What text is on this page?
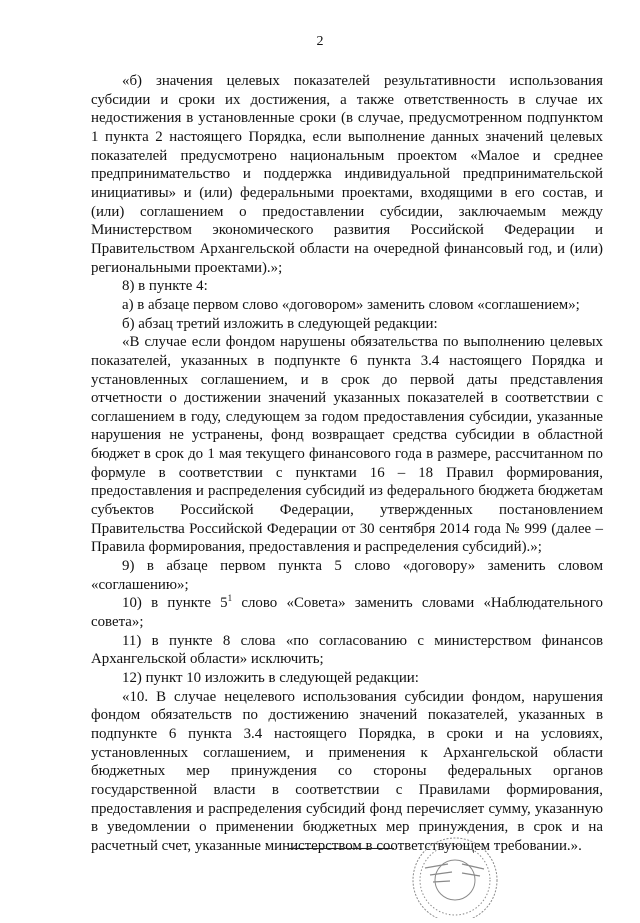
2

«б) значения целевых показателей результативности использования субсидии и сроки их достижения, а также ответственность в случае их недостижения в установленные сроки (в случае, предусмотренном подпунктом 1 пункта 2 настоящего Порядка, если выполнение данных значений целевых показателей предусмотрено национальным проектом «Малое и среднее предпринимательство и поддержка индивидуальной предпринимательской инициативы» и (или) федеральными проектами, входящими в его состав, и (или) соглашением о предоставлении субсидии, заключаемым между Министерством экономического развития Российской Федерации и Правительством Архангельской области на очередной финансовый год, и (или) региональными проектами).»;

8) в пункте 4:

а) в абзаце первом слово «договором» заменить словом «соглашением»;

б) абзац третий изложить в следующей редакции:

«В случае если фондом нарушены обязательства по выполнению целевых показателей, указанных в подпункте 6 пункта 3.4 настоящего Порядка и установленных соглашением, и в срок до первой даты представления отчетности о достижении значений указанных показателей в соответствии с соглашением в году, следующем за годом предоставления субсидии, указанные нарушения не устранены, фонд возвращает средства субсидии в областной бюджет в срок до 1 мая текущего финансового года в размере, рассчитанном по формуле в соответствии с пунктами 16 – 18 Правил формирования, предоставления и распределения субсидий из федерального бюджета бюджетам субъектов Российской Федерации, утвержденных постановлением Правительства Российской Федерации от 30 сентября 2014 года № 999 (далее – Правила формирования, предоставления и распределения субсидий).»;

9) в абзаце первом пункта 5 слово «договору» заменить словом «соглашению»;

10) в пункте $5^1$ слово «Совета» заменить словами «Наблюдательного совета»;

11) в пункте 8 слова «по согласованию с министерством финансов Архангельской области» исключить;

12) пункт 10 изложить в следующей редакции:

«10. В случае нецелевого использования субсидии фондом, нарушения фондом обязательств по достижению значений показателей, указанных в подпункте 6 пункта 3.4 настоящего Порядка, в сроки и на условиях, установленных соглашением, и применения к Архангельской области бюджетных мер принуждения со стороны федеральных органов государственной власти в соответствии с Правилами формирования, предоставления и распределения субсидий фонд перечисляет сумму, указанную в уведомлении о применении бюджетных мер принуждения, в срок и на расчетный счет, указанные министерством в соответствующем требовании.».
